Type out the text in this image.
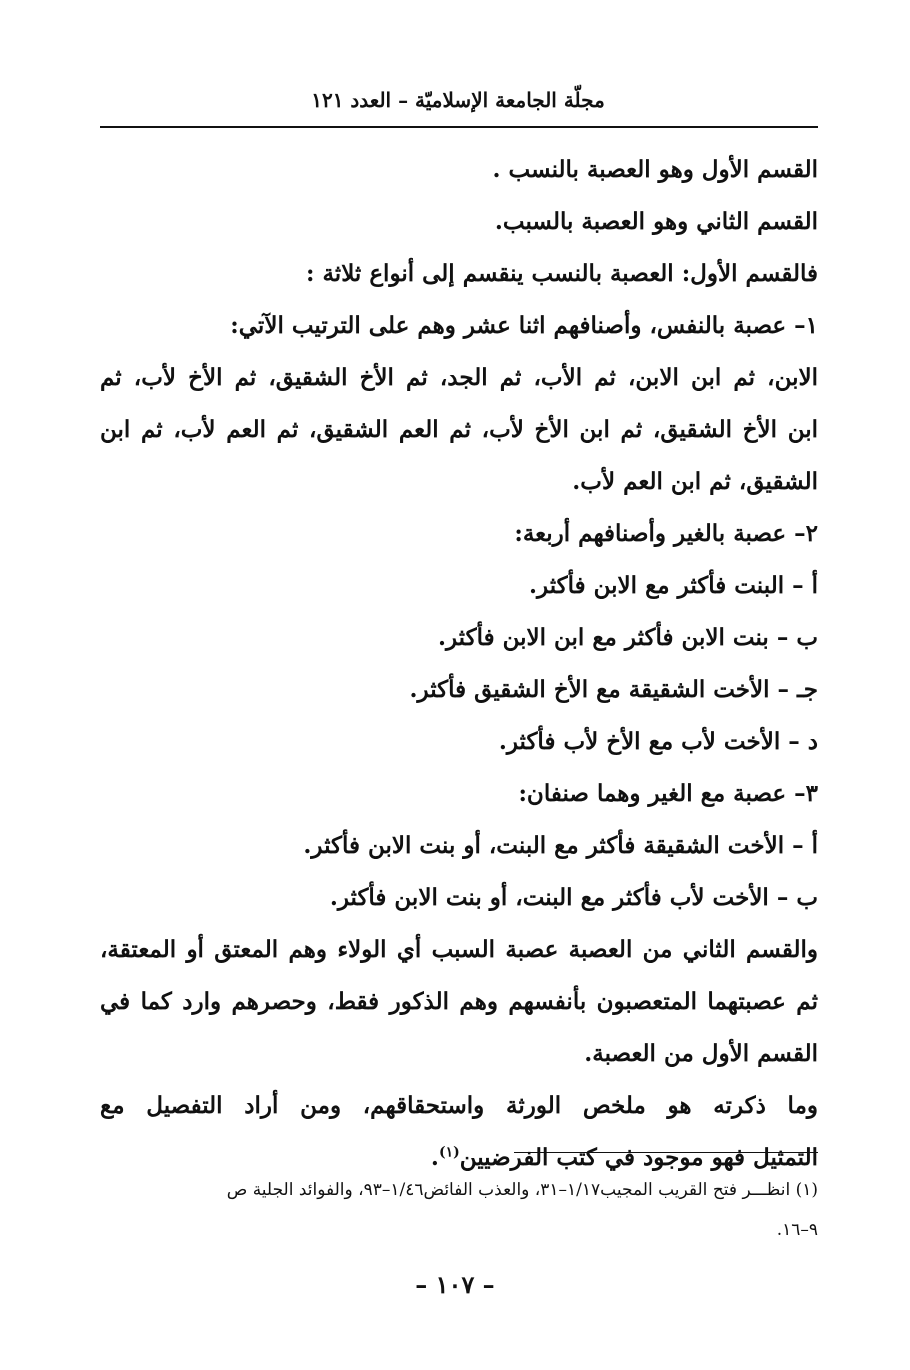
مجلّة الجامعة الإسلاميّة – العدد ١٢١
القسم الأول وهو العصبة بالنسب .
القسم الثاني وهو العصبة بالسبب.
فالقسم الأول: العصبة بالنسب ينقسم إلى أنواع ثلاثة :
١– عصبة بالنفس، وأصنافهم اثنا عشر وهم على الترتيب الآتي:
الابن، ثم ابن الابن، ثم الأب، ثم الجد، ثم الأخ الشقيق، ثم الأخ لأب، ثم
ابن الأخ الشقيق، ثم ابن الأخ لأب، ثم العم الشقيق، ثم العم لأب، ثم ابن
الشقيق، ثم ابن العم لأب.
٢– عصبة بالغير وأصنافهم أربعة:
أ – البنت فأكثر مع الابن فأكثر.
ب – بنت الابن فأكثر مع ابن الابن فأكثر.
جـ – الأخت الشقيقة مع الأخ الشقيق فأكثر.
د – الأخت لأب مع الأخ لأب فأكثر.
٣– عصبة مع الغير وهما صنفان:
أ – الأخت الشقيقة فأكثر مع البنت، أو بنت الابن فأكثر.
ب – الأخت لأب فأكثر مع البنت، أو بنت الابن فأكثر.
والقسم الثاني من العصبة عصبة السبب أي الولاء وهم المعتق أو المعتقة،
ثم عصبتهما المتعصبون بأنفسهم وهم الذكور فقط، وحصرهم وارد كما في
القسم الأول من العصبة.
وما ذكرته هو ملخص الورثة واستحقاقهم، ومن أراد التفصيل مع
التمثيل فهو موجود في كتب الفرضيين$^{(١)}$.
(١) انظـــر فتح القريب المجيب١/١٧–٣١، والعذب الفائض١/٤٦–٩٣، والفوائد الجلية ص
٩–١٦.
– ١٠٧ –
